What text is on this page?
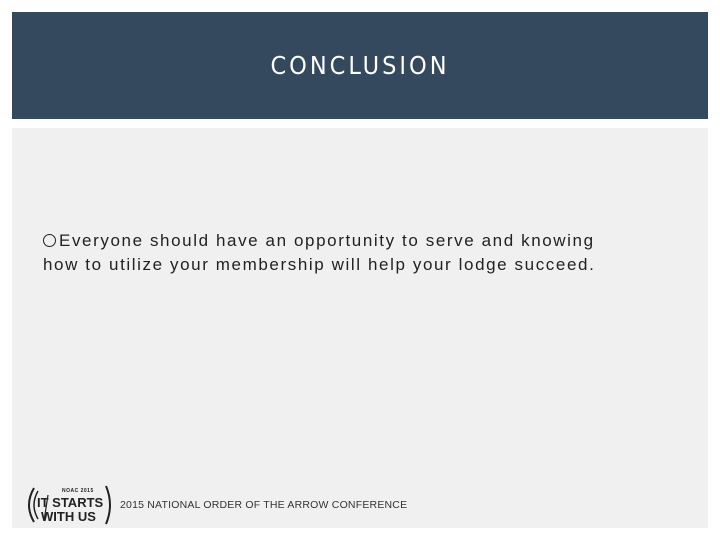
CONCLUSION
Everyone should have an opportunity to serve and knowing
how to utilize your membership will help your lodge succeed.
NOAC 2015
IT STARTS
WITH US
2015 NATIONAL ORDER OF THE ARROW CONFERENCE
